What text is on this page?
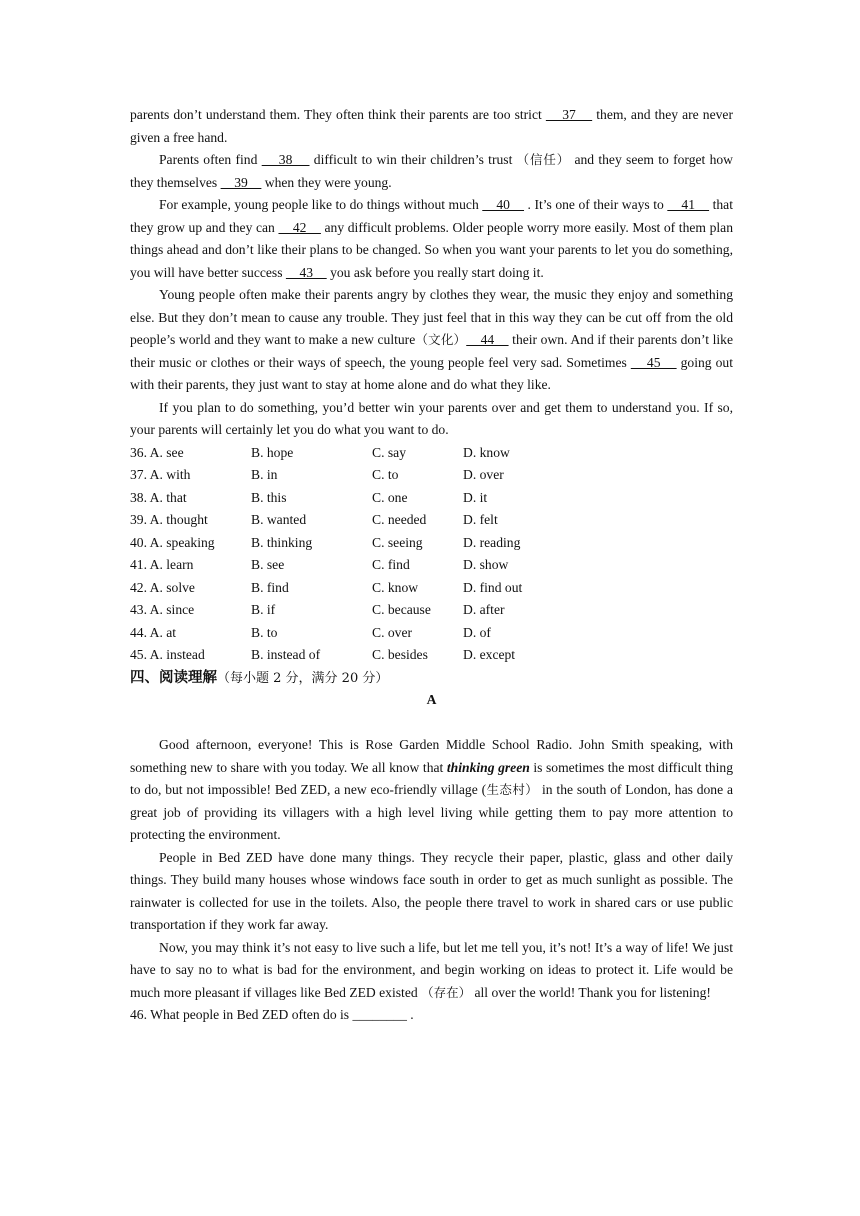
parents don’t understand them. They often think their parents are too strict     37     them, and they are never given a free hand.

Parents often find     38     difficult to win their children’s trust （信任） and they seem to forget how they themselves     39     when they were young.

For example, young people like to do things without much     40     . It’s one of their ways to     41     that they grow up and they can     42     any difficult problems. Older people worry more easily. Most of them plan things ahead and don’t like their plans to be changed. So when you want your parents to let you do something, you will have better success     43     you ask before you really start doing it.

Young people often make their parents angry by clothes they wear, the music they enjoy and something else. But they don’t mean to cause any trouble. They just feel that in this way they can be cut off from the old people’s world and they want to make a new culture（文化）    44     their own. And if their parents don’t like their music or clothes or their ways of speech, the young people feel very sad. Sometimes     45     going out with their parents, they just want to stay at home alone and do what they like.

If you plan to do something, you’d better win your parents over and get them to understand you. If so, your parents will certainly let you do what you want to do.

36. A. see	B. hope	C. say	D. know
37. A. with	B. in	C. to	D. over
38. A. that	B. this	C. one	D. it
39. A. thought	B. wanted	C. needed	D. felt
40. A. speaking	B. thinking	C. seeing	D. reading
41. A. learn	B. see	C. find	D. show
42. A. solve	B. find	C. know	D. find out
43. A. since	B. if	C. because	D. after
44. A. at	B. to	C. over	D. of
45. A. instead	B. instead of	C. besides	D. except
四、阅读理解（每小题 2 分，满分 20 分）
A

Good afternoon, everyone! This is Rose Garden Middle School Radio. John Smith speaking, with something new to share with you today. We all know that thinking green is sometimes the most difficult thing to do, but not impossible! Bed ZED, a new eco-friendly village (生态村） in the south of London, has done a great job of providing its villagers with a high level living while getting them to pay more attention to protecting the environment.

People in Bed ZED have done many things. They recycle their paper, plastic, glass and other daily things. They build many houses whose windows face south in order to get as much sunlight as possible. The rainwater is collected for use in the toilets. Also, the people there travel to work in shared cars or use public transportation if they work far away.

Now, you may think it’s not easy to live such a life, but let me tell you, it’s not! It’s a way of life! We just have to say no to what is bad for the environment, and begin working on ideas to protect it. Life would be much more pleasant if villages like Bed ZED existed （存在） all over the world! Thank you for listening!

46. What people in Bed ZED often do is ________ .
